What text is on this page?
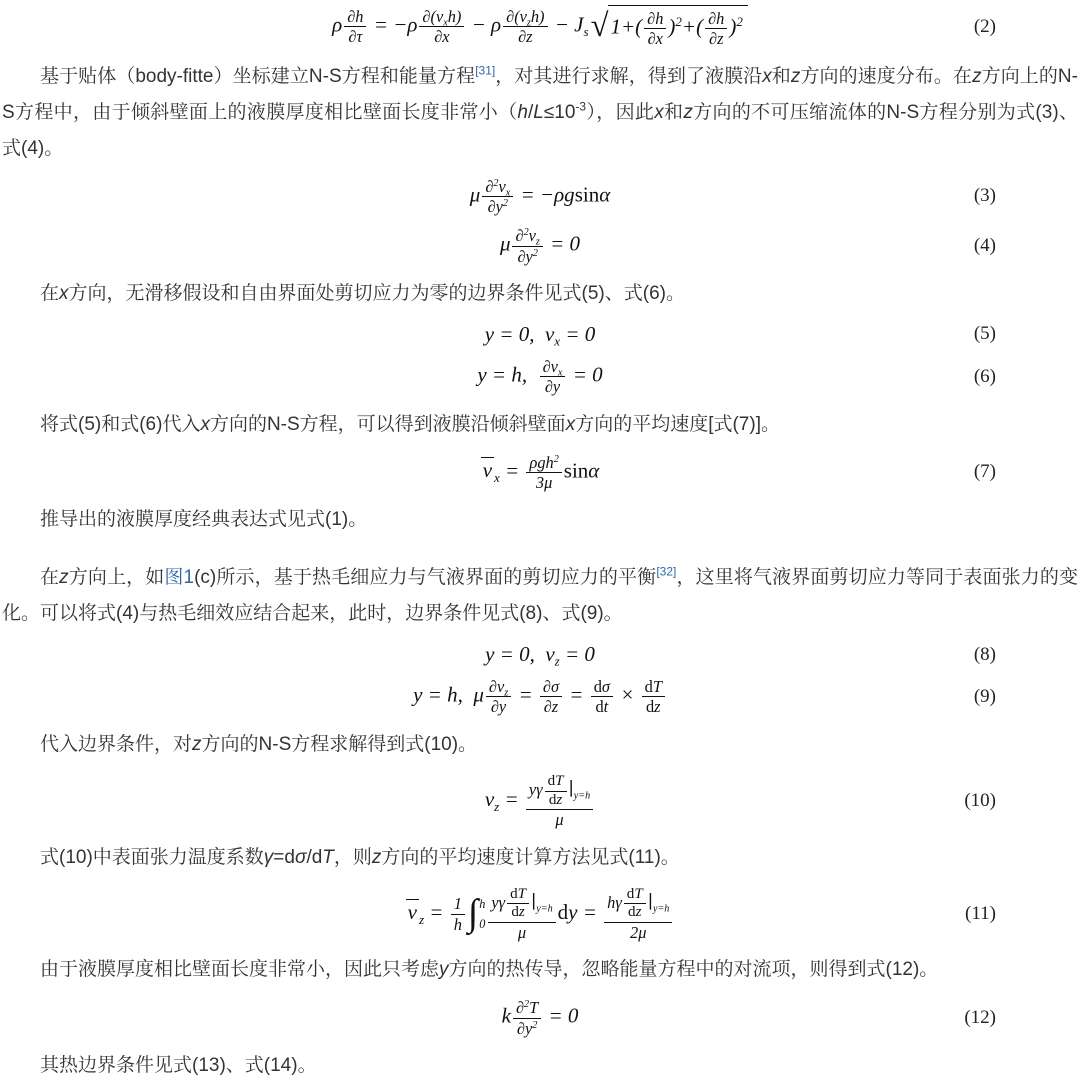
ρ $\frac{\partial h}{\partial\tau} = -\rho \frac{\partial(v_xh)}{\partial x} - \rho \frac{\partial(v_zh)}{\partial z} - J_s$ √ $1+( \frac{\partial h}{\partial x} )^2+( \frac{\partial h}{\partial z} )^2$	(2)

基于贴体（body-fitte）坐标建立N-S方程和能量方程[31]，对其进行求解，得到了液膜沿x和z方向的速度分布。在z方向上的N-S方程中，由于倾斜壁面上的液膜厚度相比壁面长度非常小$(h/L\le 10^{-3})$，因此x和z方向的不可压缩流体的N-S方程分别为式(3)、式(4)。

μ $\frac{\partial^2v_x}{\partial y^2} = -\rho gsin\alpha$	(3)
μ $\frac{\partial^2v_z}{\partial y^2} = 0$	(4)

在x方向，无滑移假设和自由界面处剪切应力为零的边界条件见式(5)、式(6)。

y = 0, $v_x = 0$	(5)
y = h,  $\frac{\partial v_x}{\partial y} = 0$	(6)

将式(5)和式(6)代入x方向的N-S方程，可以得到液膜沿倾斜壁面x方向的平均速度[式(7)]。

v $_x = \frac{\rho gh^2}{3\mu}$ sinα	(7)

推导出的液膜厚度经典表达式见式(1)。

在z方向上，如图1(c)所示，基于热毛细应力与气液界面的剪切应力的平衡[32]，这里将气液界面剪切应力等同于表面张力的变化。可以将式(4)与热毛细效应结合起来，此时，边界条件见式(8)、式(9)。

y = 0, $v_z = 0$	(8)
y = h, μ $\frac{\partial v_z}{\partial y} = \frac{\partial\sigma}{\partial z} = \frac{d\sigma}{dt} \times \frac{dT}{dz}$	(9)

代入边界条件，对z方向的N-S方程求解得到式(10)。

$v_z = \frac{y\gamma \frac{dT}{dz} ∣_{y=h}}{\mu}$	(10)

式(10)中表面张力温度系数γ=dσ/dT，则z方向的平均速度计算方法见式(11)。

v $_z = \frac{1}{h}$ ∫ h
$0 \frac{y\gamma \frac{dT}{dz} ∣_{y=h}}{\mu}$ dy = $\frac{h\gamma \frac{dT}{dz} ∣_{y=h}}{2\mu}$	(11)

由于液膜厚度相比壁面长度非常小，因此只考虑y方向的热传导，忽略能量方程中的对流项，则得到式(12)。

k $\frac{\partial^2T}{\partial y^2} = 0$	(12)

其热边界条件见式(13)、式(14)。
